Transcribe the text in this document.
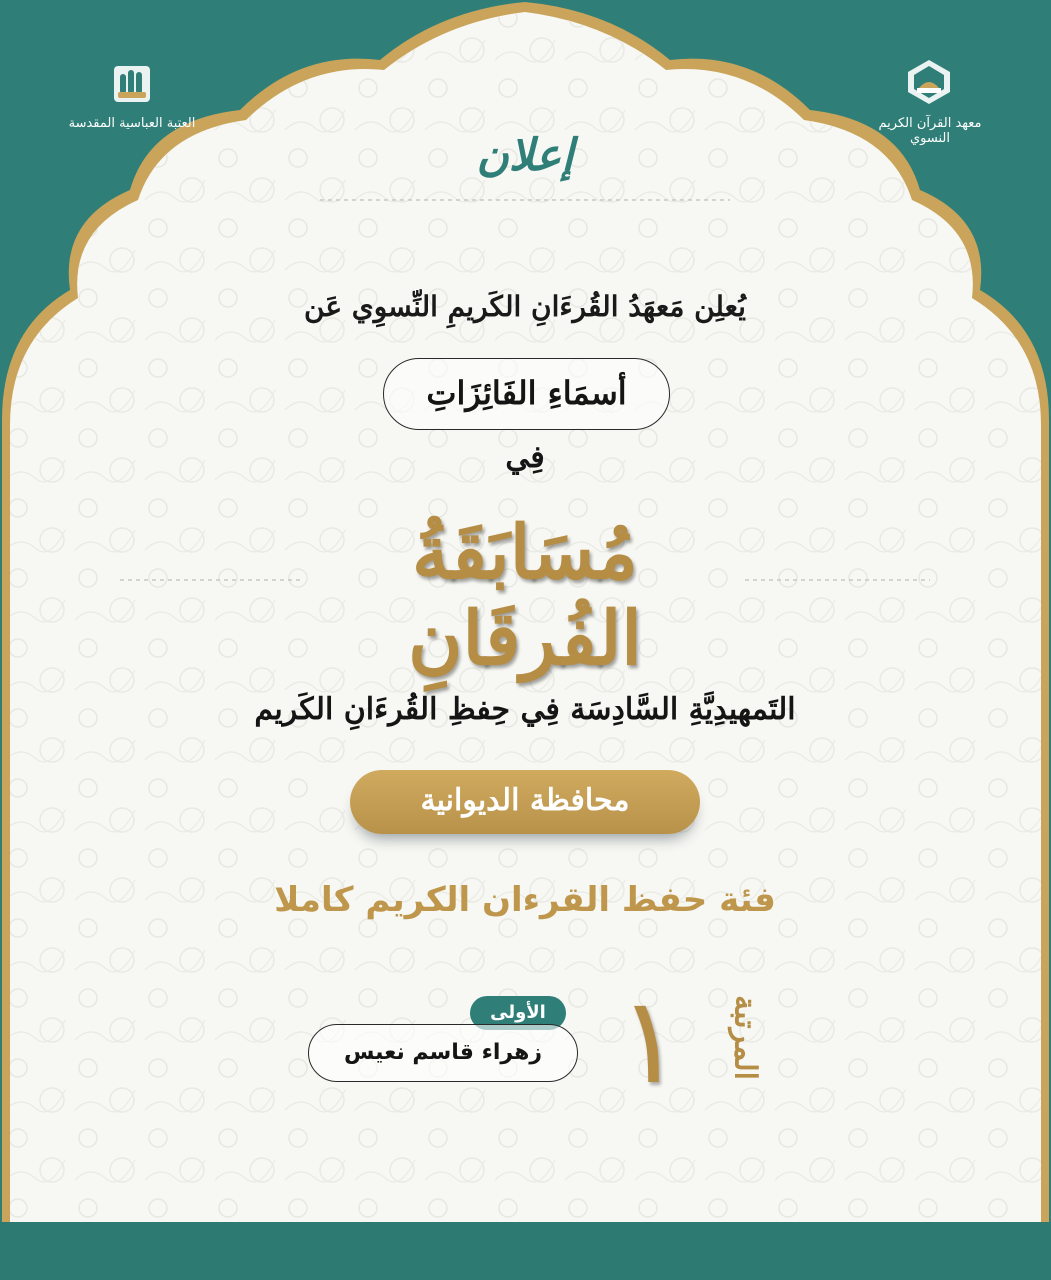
معهد القرآن الكريم النسوي
العتبة العباسية المقدسة
إعلان
يُعلِن مَعهَدُ القُرءَانِ الكَريمِ النِّسوِي عَن
أسمَاءِ الفَائِزَاتِ
فِي
مُسَابَقَةُ الفُرقَانِ
التَمهيدِيَّةِ السَّادِسَة فِي حِفظِ القُرءَانِ الكَريم
محافظة الديوانية
فئة حفظ القرءان الكريم كاملا
١	المرتبة
الأولى
زهراء قاسم نعيس
